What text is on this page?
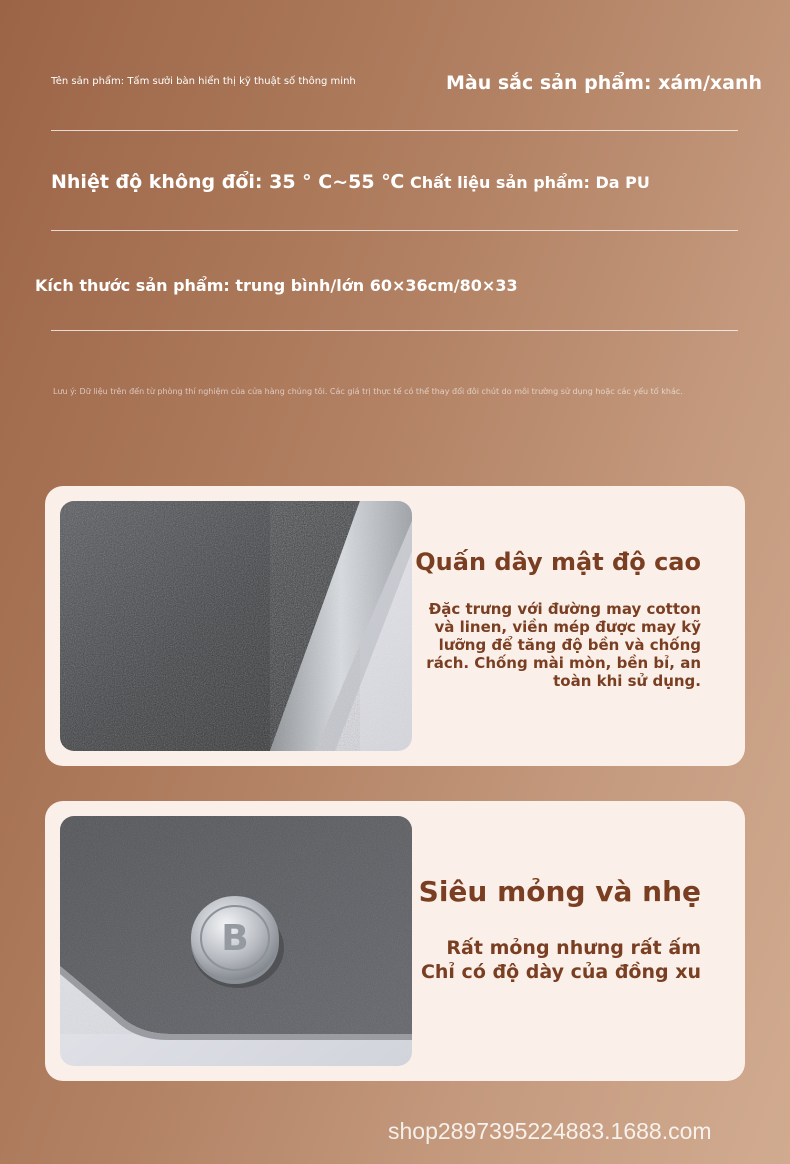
Tên sản phẩm: Tấm sưởi bàn hiển thị kỹ thuật số thông minh	Màu sắc sản phẩm: xám/xanh
Nhiệt độ không đổi: 35 ° C~55 ℃ Chất liệu sản phẩm: Da PU
Kích thước sản phẩm: trung bình/lớn 60×36cm/80×33
Lưu ý: Dữ liệu trên đến từ phòng thí nghiệm của cửa hàng chúng tôi. Các giá trị thực tế có thể thay đổi đôi chút do môi trường sử dụng hoặc các yếu tố khác.
Quấn dây mật độ cao
Đặc trưng với đường may cotton
và linen, viền mép được may kỹ
lưỡng để tăng độ bền và chống
rách. Chống mài mòn, bền bỉ, an
toàn khi sử dụng.
B
Siêu mỏng và nhẹ
Rất mỏng nhưng rất ấm
Chỉ có độ dày của đồng xu
shop2897395224883.1688.com
